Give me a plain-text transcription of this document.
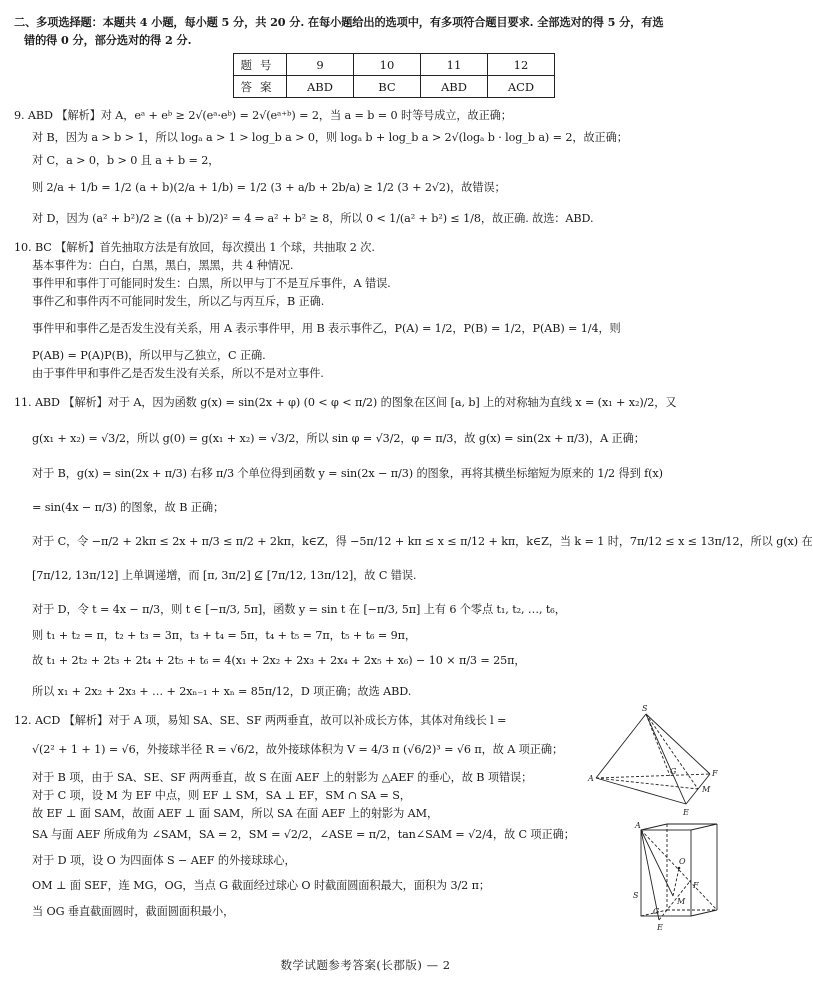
二、多项选择题：本题共 4 小题，每小题 5 分，共 20 分. 在每小题给出的选项中，有多项符合题目要求. 全部选对的得 5 分，有选
错的得 0 分，部分选对的得 2 分.
题号	9	10	11	12
答案	ABD	BC	ABD	ACD
9. ABD 【解析】对 A，eᵃ + eᵇ ≥ 2√(eᵃ·eᵇ) = 2√(eᵃ⁺ᵇ) = 2，当 a = b = 0 时等号成立，故正确；
对 B，因为 a > b > 1，所以 logₐ a > 1 > log_b a > 0，则 logₐ b + log_b a > 2√(logₐ b · log_b a) = 2，故正确；
对 C，a > 0，b > 0 且 a + b = 2，
则 2/a + 1/b = 1/2 (a + b)(2/a + 1/b) = 1/2 (3 + a/b + 2b/a) ≥ 1/2 (3 + 2√2)，故错误；
对 D，因为 (a² + b²)/2 ≥ ((a + b)/2)² = 4 ⇒ a² + b² ≥ 8，所以 0 < 1/(a² + b²) ≤ 1/8，故正确. 故选：ABD.
10. BC 【解析】首先抽取方法是有放回，每次摸出 1 个球，共抽取 2 次.
基本事件为：白白，白黑，黑白，黑黑，共 4 种情况.
事件甲和事件丁可能同时发生：白黑，所以甲与丁不是互斥事件，A 错误.
事件乙和事件丙不可能同时发生，所以乙与丙互斥，B 正确.
事件甲和事件乙是否发生没有关系，用 A 表示事件甲，用 B 表示事件乙，P(A) = 1/2，P(B) = 1/2，P(AB) = 1/4，则
P(AB) = P(A)P(B)，所以甲与乙独立，C 正确.
由于事件甲和事件乙是否发生没有关系，所以不是对立事件.
11. ABD 【解析】对于 A，因为函数 g(x) = sin(2x + φ) (0 < φ < π/2) 的图象在区间 [a, b] 上的对称轴为直线 x = (x₁ + x₂)/2，又
g(x₁ + x₂) = √3/2，所以 g(0) = g(x₁ + x₂) = √3/2，所以 sin φ = √3/2，φ = π/3，故 g(x) = sin(2x + π/3)，A 正确；
对于 B，g(x) = sin(2x + π/3) 右移 π/3 个单位得到函数 y = sin(2x − π/3) 的图象，再将其横坐标缩短为原来的 1/2 得到 f(x)
= sin(4x − π/3) 的图象，故 B 正确；
对于 C，令 −π/2 + 2kπ ≤ 2x + π/3 ≤ π/2 + 2kπ，k∈Z，得 −5π/12 + kπ ≤ x ≤ π/12 + kπ，k∈Z，当 k = 1 时，7π/12 ≤ x ≤ 13π/12，所以 g(x) 在
[7π/12, 13π/12] 上单调递增，而 [π, 3π/2] ⊈ [7π/12, 13π/12]，故 C 错误.
对于 D，令 t = 4x − π/3，则 t ∈ [−π/3, 5π]，函数 y = sin t 在 [−π/3, 5π] 上有 6 个零点 t₁, t₂, …, t₆，
则 t₁ + t₂ = π，t₂ + t₃ = 3π，t₃ + t₄ = 5π，t₄ + t₅ = 7π，t₅ + t₆ = 9π，
故 t₁ + 2t₂ + 2t₃ + 2t₄ + 2t₅ + t₆ = 4(x₁ + 2x₂ + 2x₃ + 2x₄ + 2x₅ + x₆) − 10 × π/3 = 25π，
所以 x₁ + 2x₂ + 2x₃ + … + 2xₙ₋₁ + xₙ = 85π/12，D 项正确；故选 ABD.
12. ACD 【解析】对于 A 项，易知 SA、SE、SF 两两垂直，故可以补成长方体，其体对角线长 l =
√(2² + 1 + 1) = √6，外接球半径 R = √6/2，故外接球体积为 V = 4/3 π (√6/2)³ = √6 π，故 A 项正确；
对于 B 项，由于 SA、SE、SF 两两垂直，故 S 在面 AEF 上的射影为 △AEF 的垂心，故 B 项错误；
对于 C 项，设 M 为 EF 中点，则 EF ⊥ SM，SA ⊥ EF，SM ∩ SA = S，
故 EF ⊥ 面 SAM，故面 AEF ⊥ 面 SAM，所以 SA 在面 AEF 上的射影为 AM，
SA 与面 AEF 所成角为 ∠SAM，SA = 2，SM = √2/2，∠ASE = π/2，tan∠SAM = √2/4，故 C 项正确；
对于 D 项，设 O 为四面体 S − AEF 的外接球球心，
OM ⊥ 面 SEF，连 MG，OG，当点 G 截面经过球心 O 时截面圆面积最大，面积为 3/2 π；
当 OG 垂直截面圆时，截面圆面积最小，
S
A
G	F
M
E
A
O
S
F
G
M
E
数学试题参考答案(长郡版) — 2
